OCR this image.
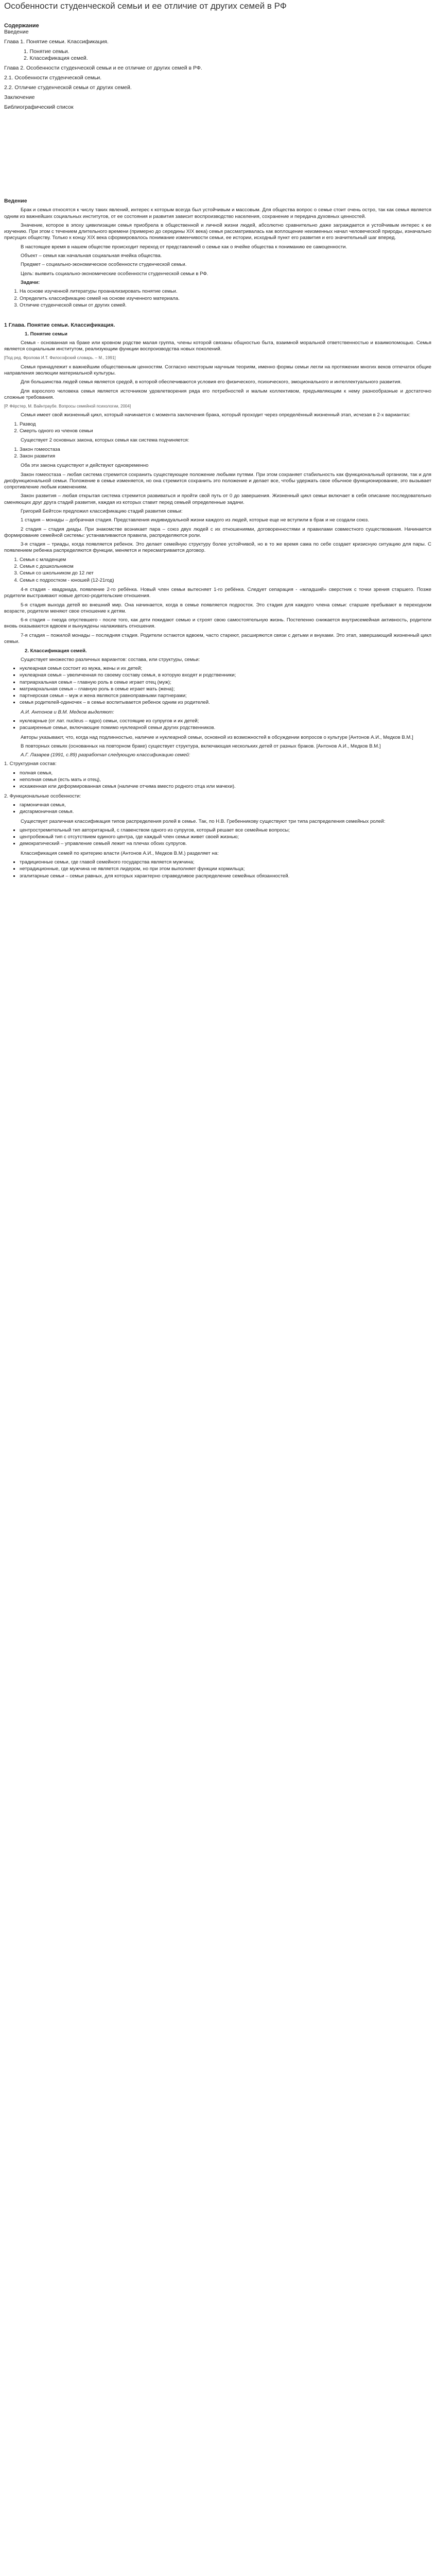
Особенности студенческой семьи и ее отличие от других семей в РФ
Содержание
Введение
Глава 1. Понятие семьи. Классификация.
1. Понятие семьи.
2. Классификация семей.
Глава 2. Особенности студенческой семьи и ее отличие от других семей в РФ.
2.1. Особенности студенческой семьи.
2.2. Отличие студенческой семьи от других семей.
Заключение
Библиографический список
Ведение

Брак и семья относятся к числу таких явлений, интерес к которым всегда был устойчивым и массовым. Для общества вопрос о семье стоит очень остро, так как семья является одним из важнейших социальных институтов, от ее состояния и развития зависит воспроизводство населения, сохранение и передача духовных ценностей.

Значение, которое в эпоху цивилизации семья приобрела в общественной и личной жизни людей, абсолютно сравнительно даже заграждается и устойчивым интерес к ее изучению. При этом с течением длительного времени (примерно до середины XIX века) семья рассматривалась как воплощение неизменных начал человеческой природы, изначально присущих обществу. Только к концу XIX века сформировалось понимание изменчивости семьи, ее истории, исходный пункт его развития и его значительный шаг вперед.

В настоящее время в нашем обществе происходит переход от представлений о семье как о ячейке общества к пониманию ее самоценности.

Объект – семья как начальная социальная ячейка общества.

Предмет – социально-экономическое особенности студенческой семьи.

Цель: выявить социально-экономические особенности студенческой семьи в РФ.

Задачи:

1. На основе изученной литературы проанализировать понятие семьи.
2. Определить классификацию семей на основе изученного материала.
3. Отличие студенческой семьи от других семей.
1 Глава. Понятие семьи. Классификация.
1. Понятие семьи

Семья - основанная на браке или кровном родстве малая группа, члены которой связаны общностью быта, взаимной моральной ответственностью и взаимопомощью. Семья является социальным институтом, реализующим функции воспроизводства новых поколений.

[Под ред. Фролова И.Т. Философский словарь. – М., 1991]

Семья принадлежит к важнейшим общественным ценностям. Согласно некоторым научным теориям, именно формы семьи легли на протяжении многих веков отпечаток общие направления эволюции материальной культуры.

Для большинства людей семья является средой, в которой обеспечиваются условия его физического, психического, эмоционального и интеллектуального развития.

Для взрослого человека семья является источником удовлетворения ряда его потребностей и малым коллективом, предъявляющим к нему разнообразные и достаточно сложные требования.

[Р. Фёрстер, М. Вайнтраубе. Вопросы семейной психологии, 2004]

Семья имеет свой жизненный цикл, который начинается с момента заключения брака, который проходит через определённый жизненный этап, исчезая в 2-х вариантах:

1. Развод
2. Смерть одного из членов семьи

Существует 2 основных закона, которых семья как система подчиняется:

1. Закон гомеостаза
2. Закон развития

Оба эти закона существуют и действуют одновременно

Закон гомеостаза – любая система стремится сохранить существующее положение любыми путями. При этом сохраняет стабильность как функциональный организм, так и для дисфункциональной семьи. Положение в семье изменяется, но она стремится сохранить это положение и делает все, чтобы удержать свое обычное функционирование, это вызывает сопротивление любым изменениям.

Закон развития – любая открытая система стремится развиваться и пройти свой путь от 0 до завершения. Жизненный цикл семьи включает в себя описание последовательно сменяющих друг друга стадий развития, каждая из которых ставит перед семьей определенные задачи.

Григорий Бейтсон предложил классификацию стадий развития семьи:

1 стадия – монады – добрачная стадия. Представления индивидуальной жизни каждого из людей, которые еще не вступили в брак и не создали союз.

2 стадия – стадия диады. При знакомстве возникает пара – союз двух людей с их отношениями, договоренностями и правилами совместного существования. Начинается формирование семейной системы: устанавливаются правила, распределяются роли.

3-я стадия – триады, когда появляется ребенок. Это делает семейную структуру более устойчивой, но в то же время сама по себе создает кризисную ситуацию для пары. С появлением ребенка распределяются функции, меняется и пересматривается договор.

1. Семья с младенцем
2. Семья с дошкольником
3. Семья со школьником до 12 лет
4. Семья с подростком - юношей (12-21год)

4-я стадия - квадриада, появление 2-го ребёнка. Новый член семьи вытесняет 1-го ребёнка. Следует сепарация - «младший» сверстник с точки зрения старшего. Позже родители выстраивают новые детско-родительские отношения.

5-я стадия выхода детей во внешний мир. Она начинается, когда в семье появляется подросток. Это стадия для каждого члена семьи: старшие пребывают в переходном возрасте, родители меняют свое отношение к детям.

6-я стадия – гнезда опустевшего - после того, как дети покидают семью и строят свою самостоятельную жизнь. Постепенно снижается внутрисемейная активность, родители вновь оказываются вдвоем и вынуждены налаживать отношения.

7-я стадия – пожилой монады – последняя стадия. Родители остаются вдвоем, часто стареют, расширяются связи с детьми и внуками. Это этап, завершающий жизненный цикл семьи.

2. Классификация семей.

Существует множество различных вариантов: состава, или структуры, семьи:

▪ нуклеарная семья состоит из мужа, жены и их детей;
▪ нуклеарная семья – увеличенная по своему составу семья, в которую входят и родственники;
▪ патриархальная семья – главную роль в семье играет отец (муж);
▪ матриархальная семья – главную роль в семье играет мать (жена);
▪ партнерская семья – муж и жена являются равноправными партнерами;
▪ семья родителей-одиночек – в семье воспитывается ребенок одним из родителей.

А.И. Антонов и В.М. Медков выделяют:

▪ нуклеарные (от лат. nucleus – ядро) семьи, состоящие из супругов и их детей;
▪ расширенные семьи, включающие помимо нуклеарной семьи других родственников.

Авторы указывают, что, когда над подлинностью, наличие и нуклеарной семьи, основной из возможностей в обсуждении вопросов о культуре [Антонов А.И., Медков В.М.]

В повторных семьях (основанных на повторном браке) существует структура, включающая нескольких детей от разных браков. [Антонов А.И., Медков В.М.]

А.Г. Лазарев (1991, с.89) разработал следующую классификацию семей:

1. Структурная состав:

▪ полная семья,
▪ неполная семья (есть мать и отец),
▪ искаженная или деформированная семья (наличие отчима вместо родного отца или мачехи).

2. Функциональные особенности:

▪ гармоничная семья,
▪ дисгармоничная семья.

Существует различная классификация типов распределения ролей в семье. Так, по Н.В. Гребенникову существуют три типа распределения семейных ролей:

▪ центростремительный тип авторитарный, с главенством одного из супругов, который решает все семейные вопросы;
▪ центробежный тип с отсутствием единого центра, где каждый член семьи живет своей жизнью;
▪ демократический – управление семьей лежит на плечах обоих супругов.

Классификация семей по критерию власти (Антонов А.И., Медков В.М.) разделяет на:

▪ традиционные семьи, где главой семейного государства является мужчина;
▪ нетрадиционные, где мужчина не является лидером, но при этом выполняет функции кормильца;
▪ эгалитарные семьи – семьи равных, для которых характерно справедливое распределение семейных обязанностей.
